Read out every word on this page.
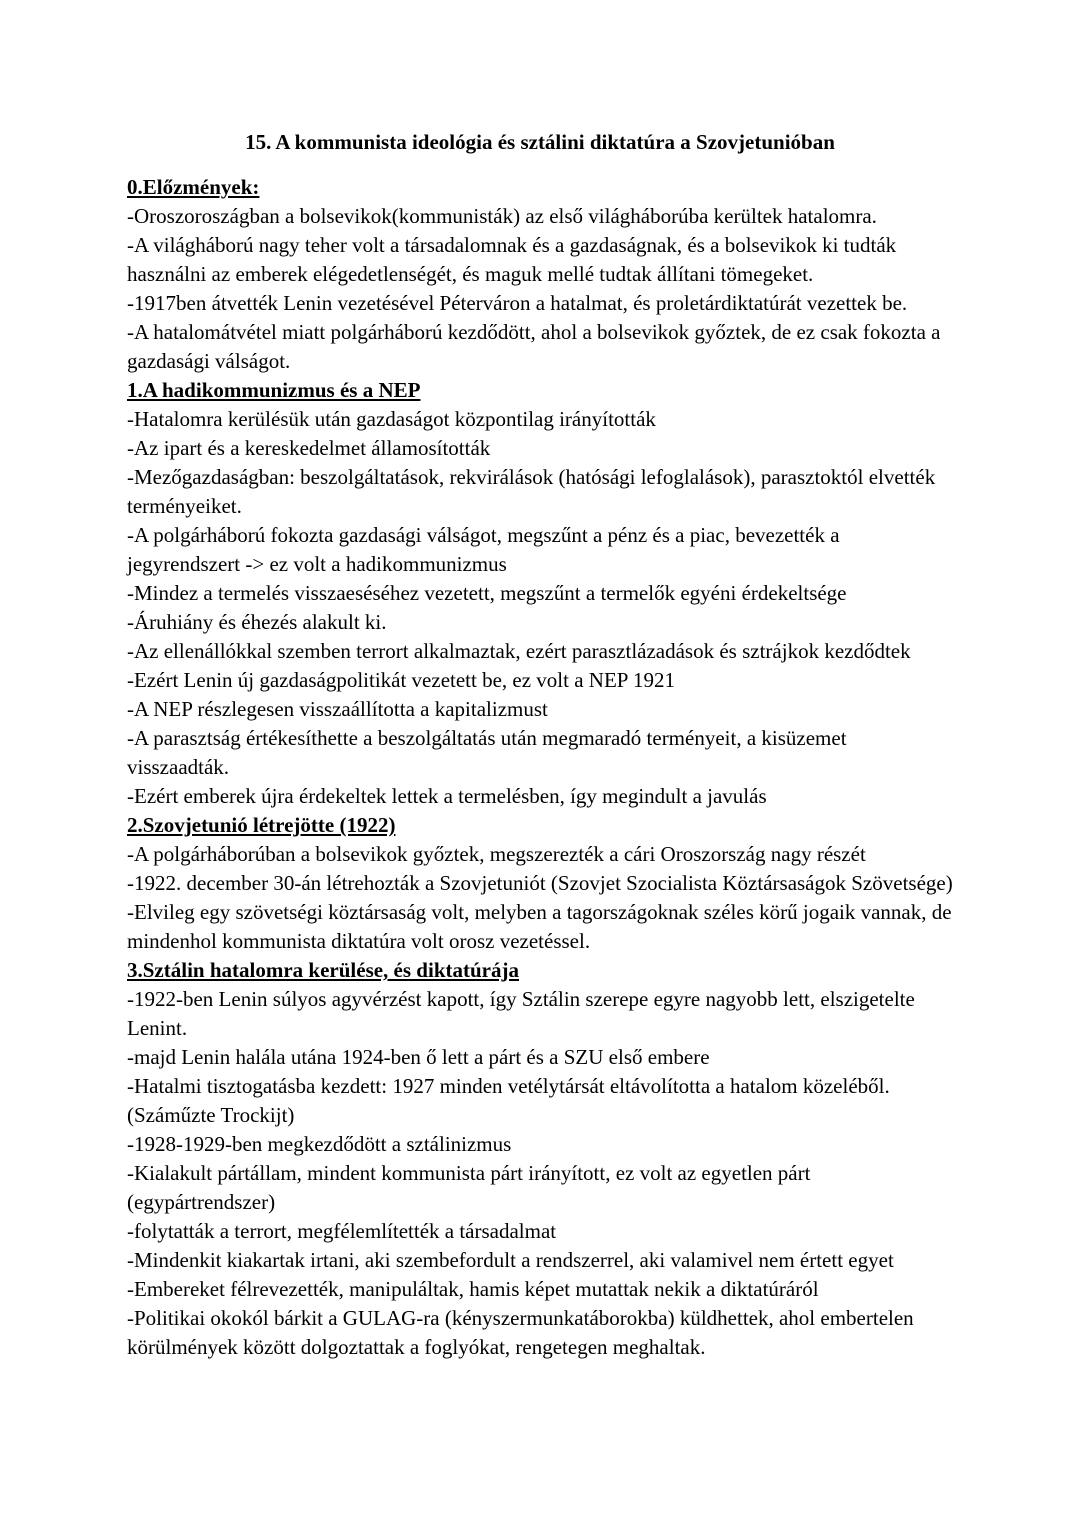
15. A kommunista ideológia és sztálini diktatúra a Szovjetunióban

0.Előzmények:

-Oroszoroszágban a bolsevikok(kommunisták) az első világháborúba kerültek hatalomra.

-A világháború nagy teher volt a társadalomnak és a gazdaságnak, és a bolsevikok ki tudták használni az emberek elégedetlenségét, és maguk mellé tudtak állítani tömegeket.

-1917ben átvették Lenin vezetésével Péterváron a hatalmat, és proletárdiktatúrát vezettek be.

-A hatalomátvétel miatt polgárháború kezdődött, ahol a bolsevikok győztek, de ez csak fokozta a gazdasági válságot.

1.A hadikommunizmus és a NEP

-Hatalomra kerülésük után gazdaságot központilag irányították

-Az ipart és a kereskedelmet államosították

-Mezőgazdaságban: beszolgáltatások, rekvirálások (hatósági lefoglalások), parasztoktól elvették terményeiket.

-A polgárháború fokozta gazdasági válságot, megszűnt a pénz és a piac, bevezették a jegyrendszert -> ez volt a hadikommunizmus

-Mindez a termelés visszaeséséhez vezetett, megszűnt a termelők egyéni érdekeltsége

-Áruhiány és éhezés alakult ki.

-Az ellenállókkal szemben terrort alkalmaztak, ezért parasztlázadások és sztrájkok kezdődtek

-Ezért Lenin új gazdaságpolitikát vezetett be, ez volt a NEP 1921

-A NEP részlegesen visszaállította a kapitalizmust

-A parasztság értékesíthette a beszolgáltatás után megmaradó terményeit, a kisüzemet visszaadták.

-Ezért emberek újra érdekeltek lettek a termelésben, így megindult a javulás

2.Szovjetunió létrejötte (1922)

-A polgárháborúban a bolsevikok győztek, megszerezték a cári Oroszország nagy részét

-1922. december 30-án létrehozták a Szovjetuniót (Szovjet Szocialista Köztársaságok Szövetsége)

-Elvileg egy szövetségi köztársaság volt, melyben a tagországoknak széles körű jogaik vannak, de mindenhol kommunista diktatúra volt orosz vezetéssel.

3.Sztálin hatalomra kerülése, és diktatúrája

-1922-ben Lenin súlyos agyvérzést kapott, így Sztálin szerepe egyre nagyobb lett, elszigetelte Lenint.

-majd Lenin halála utána 1924-ben ő lett a párt és a SZU első embere

-Hatalmi tisztogatásba kezdett: 1927 minden vetélytársát eltávolította a hatalom közeléből. (Száműzte Trockijt)

-1928-1929-ben megkezdődött a sztálinizmus

-Kialakult pártállam, mindent kommunista párt irányított, ez volt az egyetlen párt (egypártrendszer)

-folytatták a terrort, megfélemlítették a társadalmat

-Mindenkit kiakartak irtani, aki szembefordult a rendszerrel, aki valamivel nem értett egyet

-Embereket félrevezették, manipuláltak, hamis képet mutattak nekik a diktatúráról

-Politikai okokól bárkit a GULAG-ra (kényszermunkatáborokba) küldhettek, ahol embertelen körülmények között dolgoztattak a foglyókat, rengetegen meghaltak.
